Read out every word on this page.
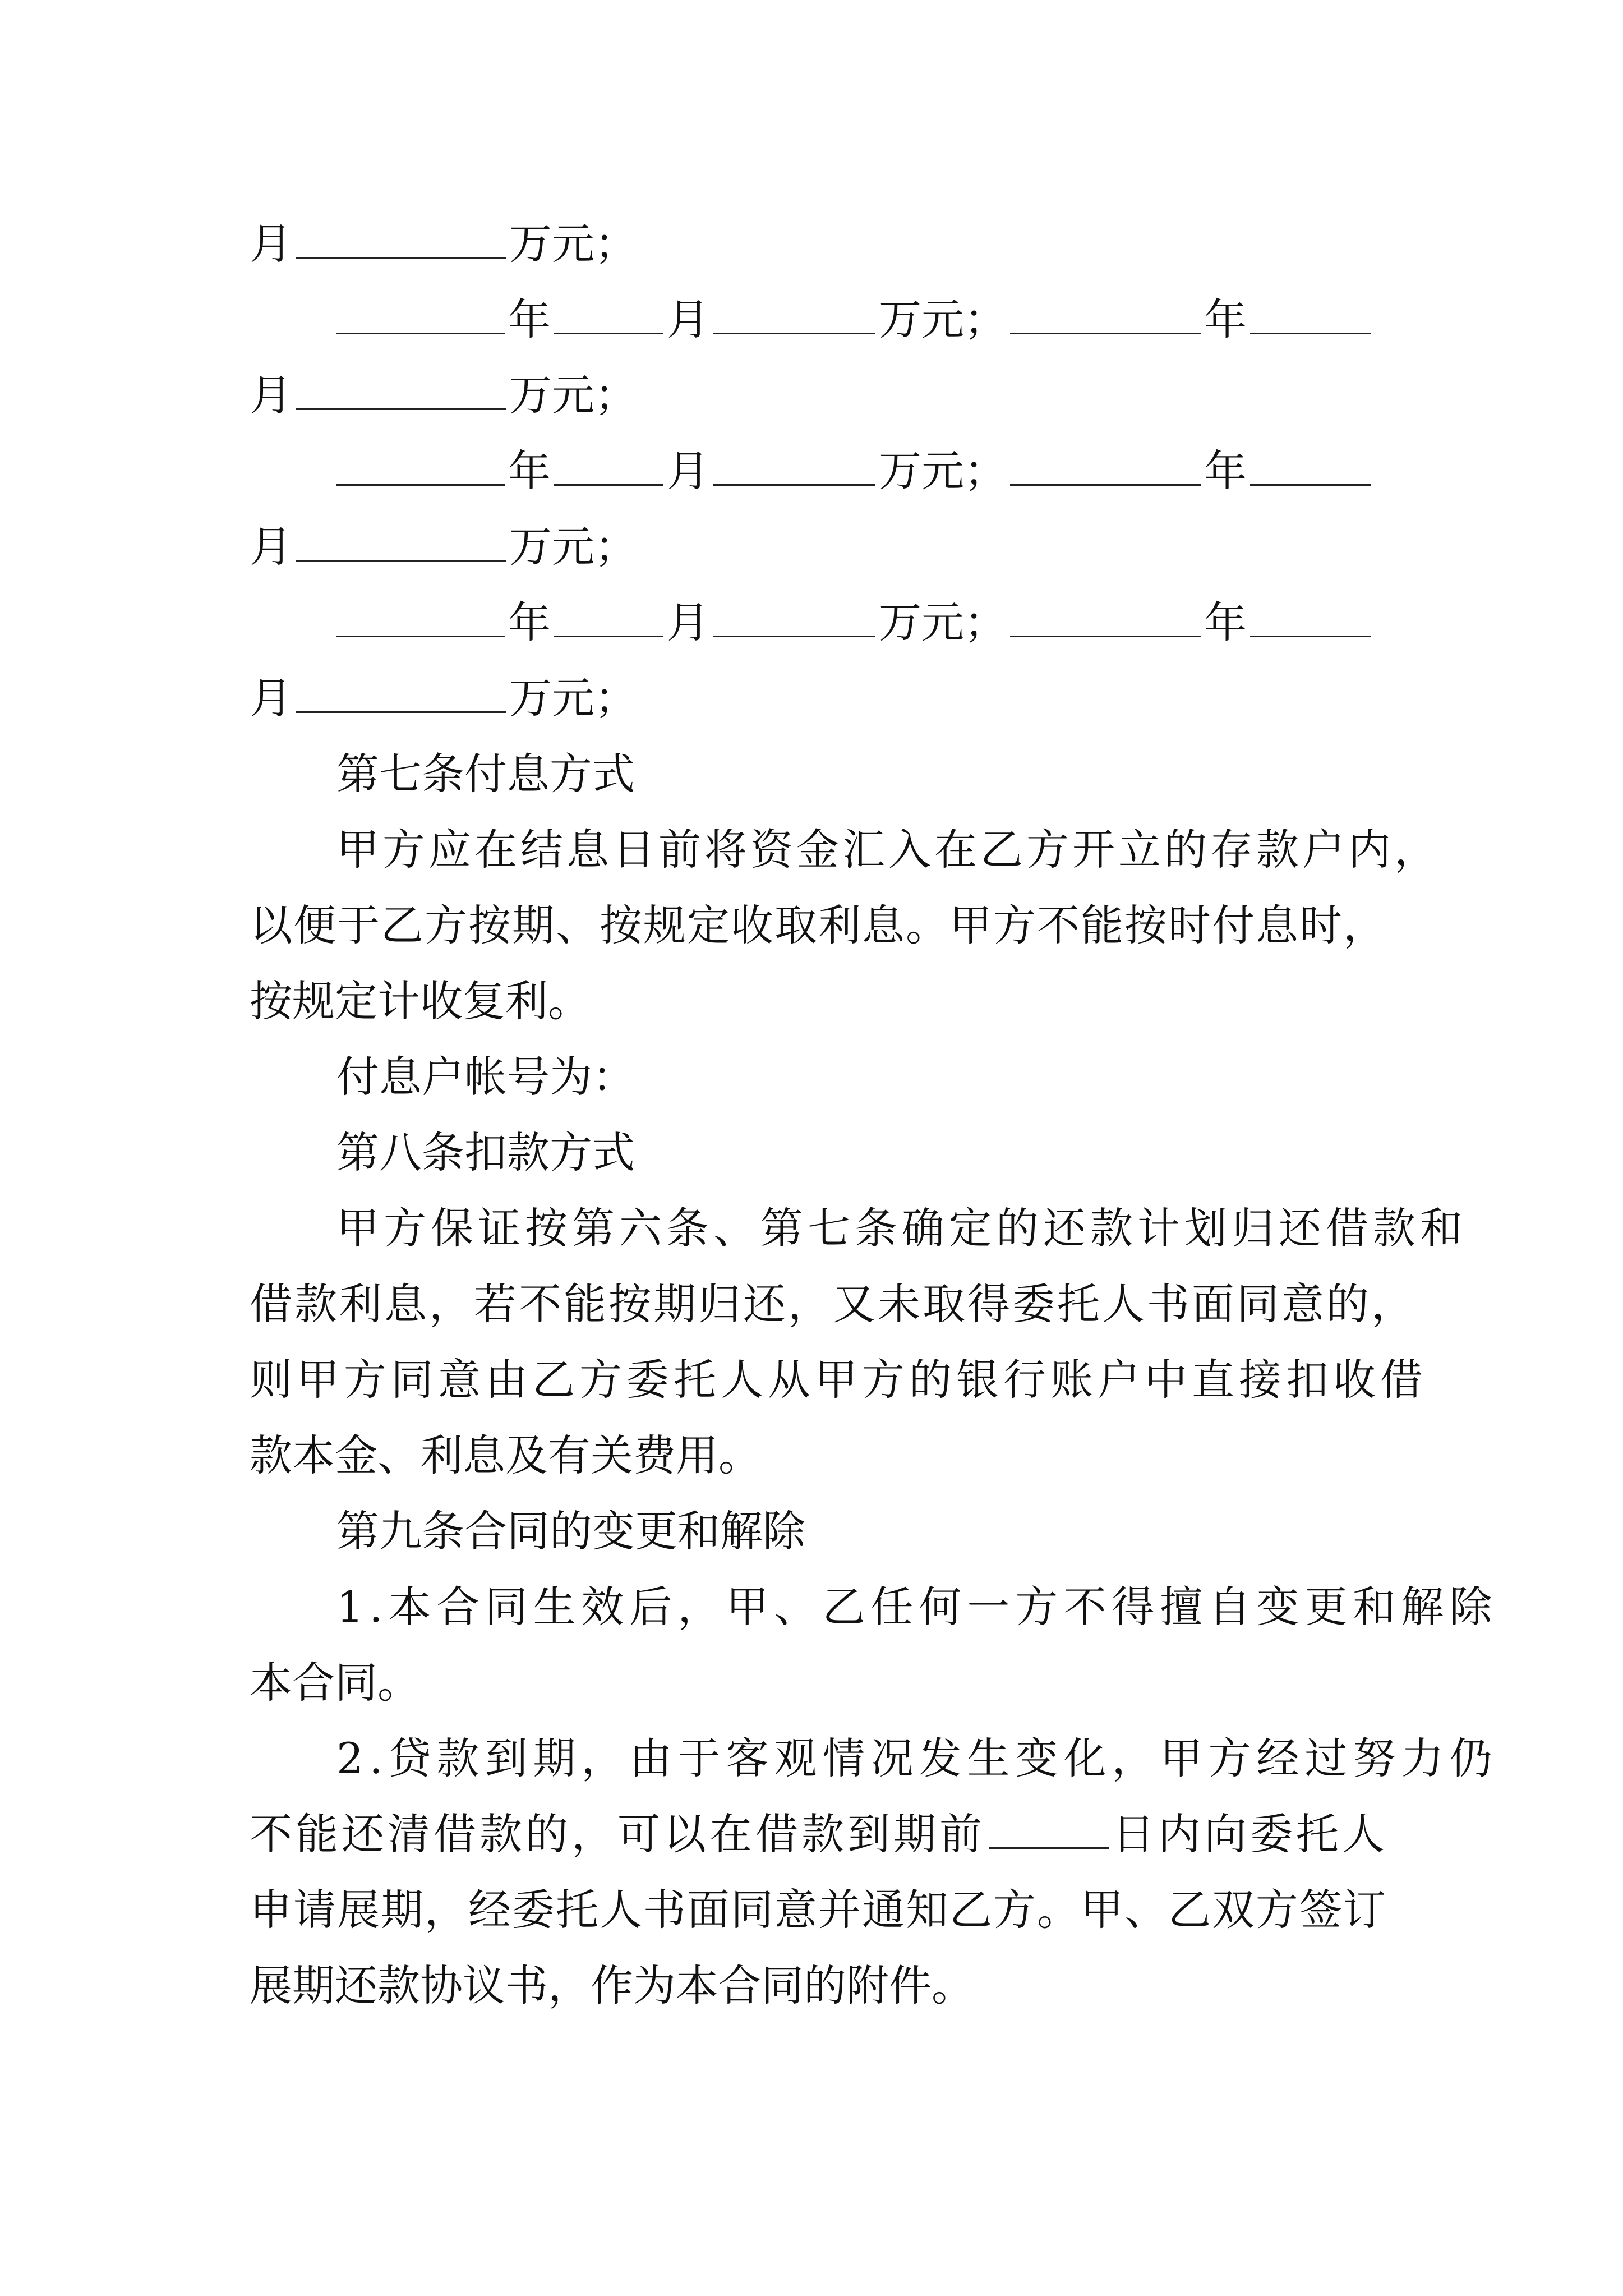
月	万元；
年	月	万元；	年
月	万元；
年	月	万元；	年
月	万元；
年	月	万元；	年
月	万元；
第七条付息方式
甲方应在结息日前将资金汇入在乙方开立的存款户内，
以便于乙方按期、按规定收取利息。甲方不能按时付息时，
按规定计收复利。
付息户帐号为：
第八条扣款方式
甲方保证按第六条、第七条确定的还款计划归还借款和
借款利息，若不能按期归还，又未取得委托人书面同意的，
则甲方同意由乙方委托人从甲方的银行账户中直接扣收借
款本金、利息及有关费用。
第九条合同的变更和解除
1.本合同生效后，甲、乙任何一方不得擅自变更和解除
本合同。
2.贷款到期，由于客观情况发生变化，甲方经过努力仍
不能还清借款的，可以在借款到期前	日内向委托人
申请展期，经委托人书面同意并通知乙方。甲、乙双方签订
展期还款协议书，作为本合同的附件。
